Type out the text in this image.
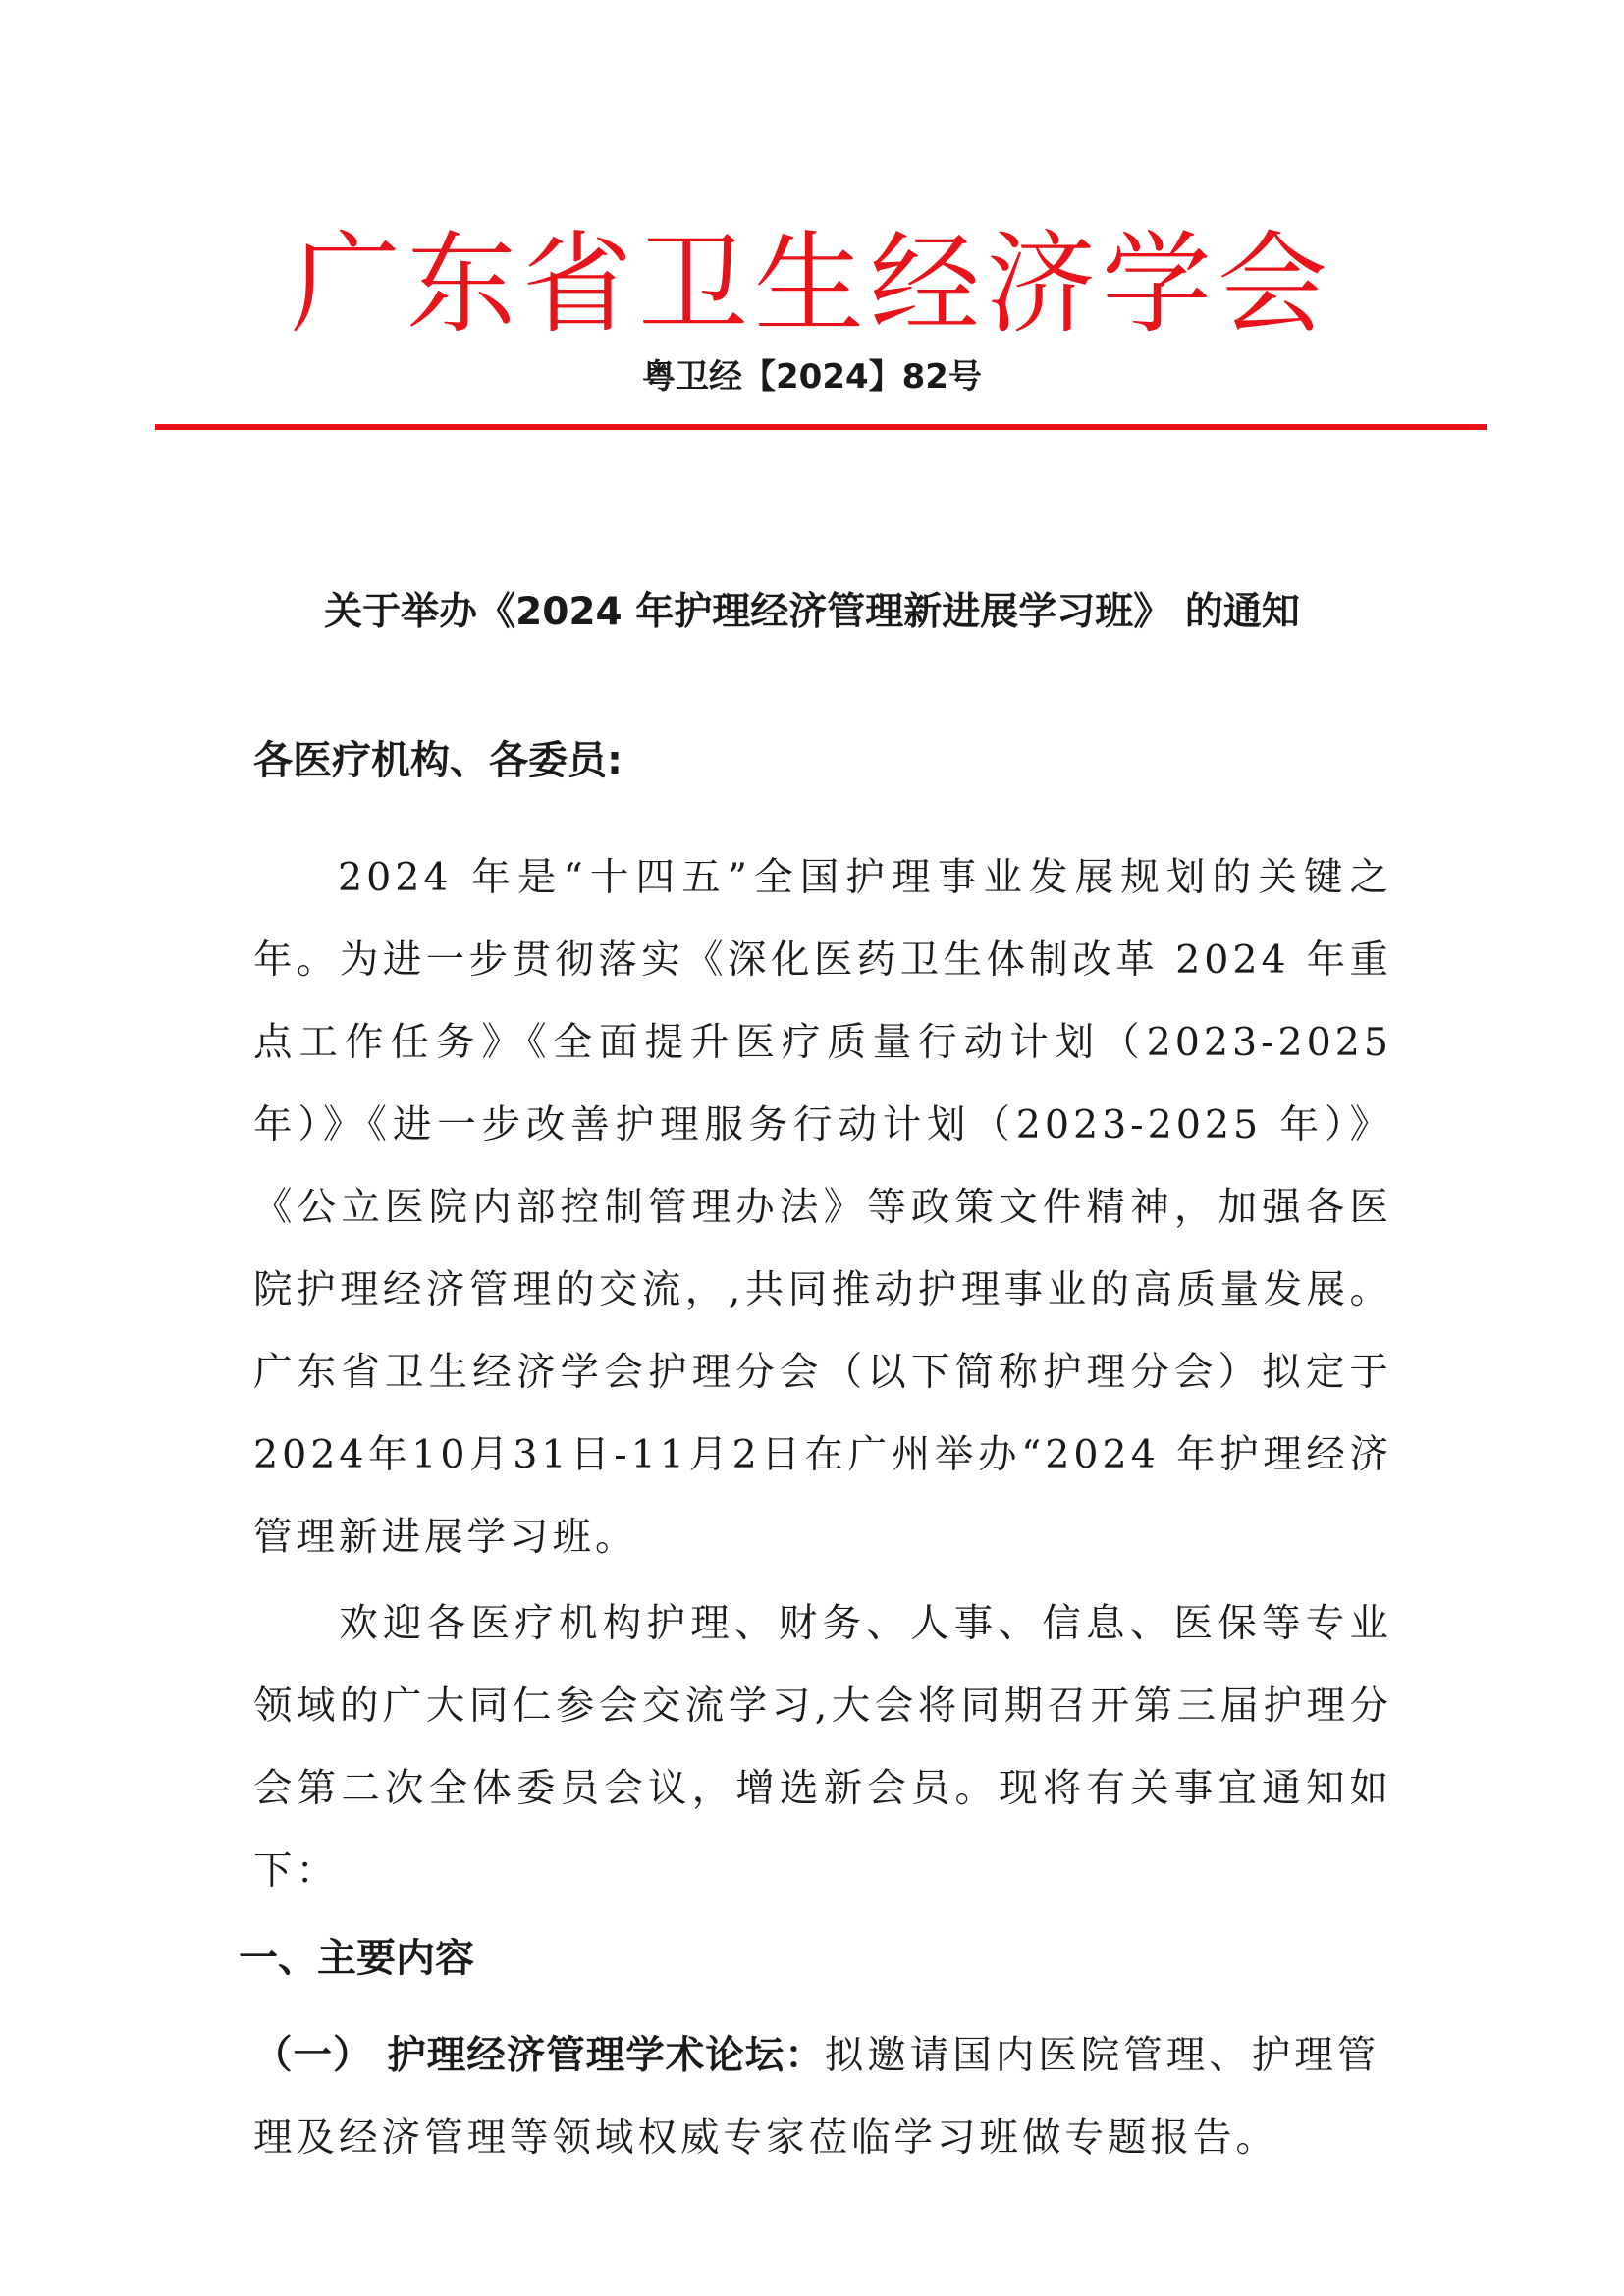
广东省卫生经济学会
粤卫经【2024】82号
关于举办《2024 年护理经济管理新进展学习班》 的通知

各医疗机构、各委员:

2024 年是“十四五”全国护理事业发展规划的关键之年。为进一步贯彻落实《深化医药卫生体制改革 2024 年重点工作任务》《全面提升医疗质量行动计划（2023-2025 年）》《进一步改善护理服务行动计划（2023-2025 年）》《公立医院内部控制管理办法》等政策文件精神，加强各医院护理经济管理的交流，,共同推动护理事业的高质量发展。广东省卫生经济学会护理分会（以下简称护理分会）拟定于 2024年10月31日-11月2日在广州举办“2024 年护理经济管理新进展学习班。

欢迎各医疗机构护理、财务、人事、信息、医保等专业领域的广大同仁参会交流学习,大会将同期召开第三届护理分会第二次全体委员会议，增选新会员。现将有关事宜通知如下：

一、主要内容

（一） 护理经济管理学术论坛：拟邀请国内医院管理、护理管理及经济管理等领域权威专家莅临学习班做专题报告。
